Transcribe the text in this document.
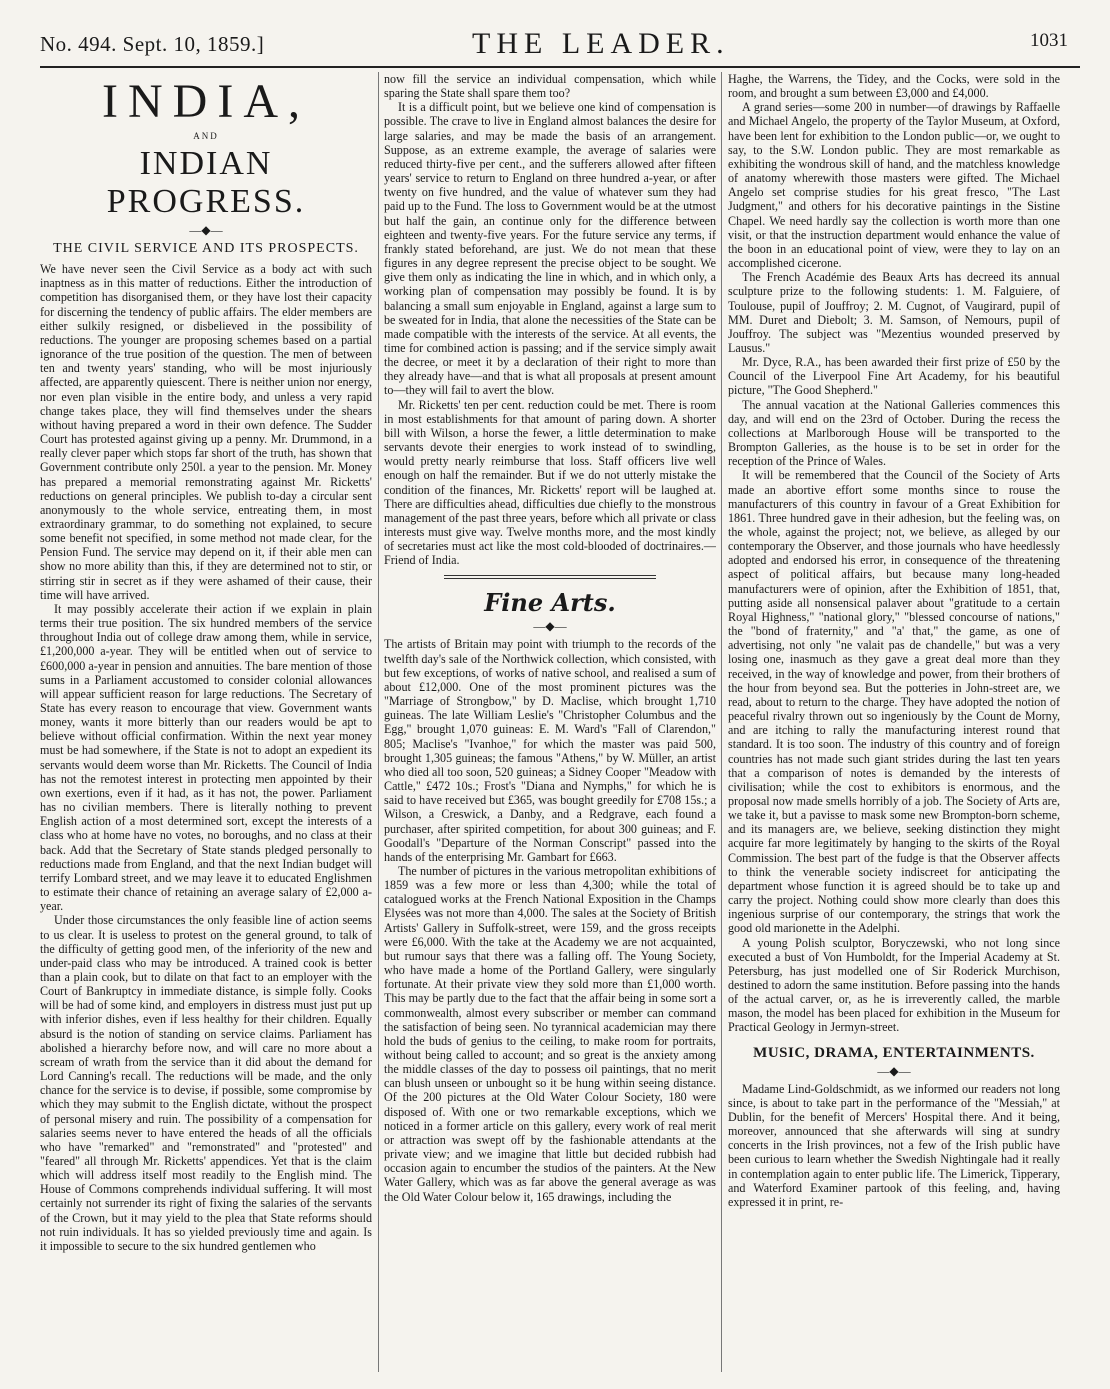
No. 494. Sept. 10, 1859.]	THE LEADER.	1031
INDIA,
AND
INDIAN PROGRESS.
—◆—
THE CIVIL SERVICE AND ITS PROSPECTS.

We have never seen the Civil Service as a body act with such inaptness as in this matter of reductions. Either the introduction of competition has disorganised them, or they have lost their capacity for discerning the tendency of public affairs. The elder members are either sulkily resigned, or disbelieved in the possibility of reductions. The younger are proposing schemes based on a partial ignorance of the true position of the question. The men of between ten and twenty years' standing, who will be most injuriously affected, are apparently quiescent. There is neither union nor energy, nor even plan visible in the entire body, and unless a very rapid change takes place, they will find themselves under the shears without having prepared a word in their own defence. The Sudder Court has protested against giving up a penny. Mr. Drummond, in a really clever paper which stops far short of the truth, has shown that Government contribute only 250l. a year to the pension. Mr. Money has prepared a memorial remonstrating against Mr. Ricketts' reductions on general principles. We publish to-day a circular sent anonymously to the whole service, entreating them, in most extraordinary grammar, to do something not explained, to secure some benefit not specified, in some method not made clear, for the Pension Fund. The service may depend on it, if their able men can show no more ability than this, if they are determined not to stir, or stirring stir in secret as if they were ashamed of their cause, their time will have arrived.

It may possibly accelerate their action if we explain in plain terms their true position. The six hundred members of the service throughout India out of college draw among them, while in service, £1,200,000 a-year. They will be entitled when out of service to £600,000 a-year in pension and annuities. The bare mention of those sums in a Parliament accustomed to consider colonial allowances will appear sufficient reason for large reductions. The Secretary of State has every reason to encourage that view. Government wants money, wants it more bitterly than our readers would be apt to believe without official confirmation. Within the next year money must be had somewhere, if the State is not to adopt an expedient its servants would deem worse than Mr. Ricketts. The Council of India has not the remotest interest in protecting men appointed by their own exertions, even if it had, as it has not, the power. Parliament has no civilian members. There is literally nothing to prevent English action of a most determined sort, except the interests of a class who at home have no votes, no boroughs, and no class at their back. Add that the Secretary of State stands pledged personally to reductions made from England, and that the next Indian budget will terrify Lombard street, and we may leave it to educated Englishmen to estimate their chance of retaining an average salary of £2,000 a-year.

Under those circumstances the only feasible line of action seems to us clear. It is useless to protest on the general ground, to talk of the difficulty of getting good men, of the inferiority of the new and under-paid class who may be introduced. A trained cook is better than a plain cook, but to dilate on that fact to an employer with the Court of Bankruptcy in immediate distance, is simple folly. Cooks will be had of some kind, and employers in distress must just put up with inferior dishes, even if less healthy for their children. Equally absurd is the notion of standing on service claims. Parliament has abolished a hierarchy before now, and will care no more about a scream of wrath from the service than it did about the demand for Lord Canning's recall. The reductions will be made, and the only chance for the service is to devise, if possible, some compromise by which they may submit to the English dictate, without the prospect of personal misery and ruin. The possibility of a compensation for salaries seems never to have entered the heads of all the officials who have "remarked" and "remonstrated" and "protested" and "feared" all through Mr. Ricketts' appendices. Yet that is the claim which will address itself most readily to the English mind. The House of Commons comprehends individual suffering. It will most certainly not surrender its right of fixing the salaries of the servants of the Crown, but it may yield to the plea that State reforms should not ruin individuals. It has so yielded previously time and again. Is it impossible to secure to the six hundred gentlemen who

now fill the service an individual compensation, which while sparing the State shall spare them too?

It is a difficult point, but we believe one kind of compensation is possible. The crave to live in England almost balances the desire for large salaries, and may be made the basis of an arrangement. Suppose, as an extreme example, the average of salaries were reduced thirty-five per cent., and the sufferers allowed after fifteen years' service to return to England on three hundred a-year, or after twenty on five hundred, and the value of whatever sum they had paid up to the Fund. The loss to Government would be at the utmost but half the gain, an continue only for the difference between eighteen and twenty-five years. For the future service any terms, if frankly stated beforehand, are just. We do not mean that these figures in any degree represent the precise object to be sought. We give them only as indicating the line in which, and in which only, a working plan of compensation may possibly be found. It is by balancing a small sum enjoyable in England, against a large sum to be sweated for in India, that alone the necessities of the State can be made compatible with the interests of the service. At all events, the time for combined action is passing; and if the service simply await the decree, or meet it by a declaration of their right to more than they already have—and that is what all proposals at present amount to—they will fail to avert the blow.

Mr. Ricketts' ten per cent. reduction could be met. There is room in most establishments for that amount of paring down. A shorter bill with Wilson, a horse the fewer, a little determination to make servants devote their energies to work instead of to swindling, would pretty nearly reimburse that loss. Staff officers live well enough on half the remainder. But if we do not utterly mistake the condition of the finances, Mr. Ricketts' report will be laughed at. There are difficulties ahead, difficulties due chiefly to the monstrous management of the past three years, before which all private or class interests must give way. Twelve months more, and the most kindly of secretaries must act like the most cold-blooded of doctrinaires.—Friend of India.

Fine Arts.
—◆—

The artists of Britain may point with triumph to the records of the twelfth day's sale of the Northwick collection, which consisted, with but few exceptions, of works of native school, and realised a sum of about £12,000. One of the most prominent pictures was the "Marriage of Strongbow," by D. Maclise, which brought 1,710 guineas. The late William Leslie's "Christopher Columbus and the Egg," brought 1,070 guineas: E. M. Ward's "Fall of Clarendon," 805; Maclise's "Ivanhoe," for which the master was paid 500, brought 1,305 guineas; the famous "Athens," by W. Müller, an artist who died all too soon, 520 guineas; a Sidney Cooper "Meadow with Cattle," £472 10s.; Frost's "Diana and Nymphs," for which he is said to have received but £365, was bought greedily for £708 15s.; a Wilson, a Creswick, a Danby, and a Redgrave, each found a purchaser, after spirited competition, for about 300 guineas; and F. Goodall's "Departure of the Norman Conscript" passed into the hands of the enterprising Mr. Gambart for £663.

The number of pictures in the various metropolitan exhibitions of 1859 was a few more or less than 4,300; while the total of catalogued works at the French National Exposition in the Champs Elysées was not more than 4,000. The sales at the Society of British Artists' Gallery in Suffolk-street, were 159, and the gross receipts were £6,000. With the take at the Academy we are not acquainted, but rumour says that there was a falling off. The Young Society, who have made a home of the Portland Gallery, were singularly fortunate. At their private view they sold more than £1,000 worth. This may be partly due to the fact that the affair being in some sort a commonwealth, almost every subscriber or member can command the satisfaction of being seen. No tyrannical academician may there hold the buds of genius to the ceiling, to make room for portraits, without being called to account; and so great is the anxiety among the middle classes of the day to possess oil paintings, that no merit can blush unseen or unbought so it be hung within seeing distance. Of the 200 pictures at the Old Water Colour Society, 180 were disposed of. With one or two remarkable exceptions, which we noticed in a former article on this gallery, every work of real merit or attraction was swept off by the fashionable attendants at the private view; and we imagine that little but decided rubbish had occasion again to encumber the studios of the painters. At the New Water Gallery, which was as far above the general average as was the Old Water Colour below it, 165 drawings, including the

Haghe, the Warrens, the Tidey, and the Cocks, were sold in the room, and brought a sum between £3,000 and £4,000.

A grand series—some 200 in number—of drawings by Raffaelle and Michael Angelo, the property of the Taylor Museum, at Oxford, have been lent for exhibition to the London public—or, we ought to say, to the S.W. London public. They are most remarkable as exhibiting the wondrous skill of hand, and the matchless knowledge of anatomy wherewith those masters were gifted. The Michael Angelo set comprise studies for his great fresco, "The Last Judgment," and others for his decorative paintings in the Sistine Chapel. We need hardly say the collection is worth more than one visit, or that the instruction department would enhance the value of the boon in an educational point of view, were they to lay on an accomplished cicerone.

The French Académie des Beaux Arts has decreed its annual sculpture prize to the following students: 1. M. Falguiere, of Toulouse, pupil of Jouffroy; 2. M. Cugnot, of Vaugirard, pupil of MM. Duret and Diebolt; 3. M. Samson, of Nemours, pupil of Jouffroy. The subject was "Mezentius wounded preserved by Lausus."

Mr. Dyce, R.A., has been awarded their first prize of £50 by the Council of the Liverpool Fine Art Academy, for his beautiful picture, "The Good Shepherd."

The annual vacation at the National Galleries commences this day, and will end on the 23rd of October. During the recess the collections at Marlborough House will be transported to the Brompton Galleries, as the house is to be set in order for the reception of the Prince of Wales.

It will be remembered that the Council of the Society of Arts made an abortive effort some months since to rouse the manufacturers of this country in favour of a Great Exhibition for 1861. Three hundred gave in their adhesion, but the feeling was, on the whole, against the project; not, we believe, as alleged by our contemporary the Observer, and those journals who have heedlessly adopted and endorsed his error, in consequence of the threatening aspect of political affairs, but because many long-headed manufacturers were of opinion, after the Exhibition of 1851, that, putting aside all nonsensical palaver about "gratitude to a certain Royal Highness," "national glory," "blessed concourse of nations," the "bond of fraternity," and "a' that," the game, as one of advertising, not only "ne valait pas de chandelle," but was a very losing one, inasmuch as they gave a great deal more than they received, in the way of knowledge and power, from their brothers of the hour from beyond sea. But the potteries in John-street are, we read, about to return to the charge. They have adopted the notion of peaceful rivalry thrown out so ingeniously by the Count de Morny, and are itching to rally the manufacturing interest round that standard. It is too soon. The industry of this country and of foreign countries has not made such giant strides during the last ten years that a comparison of notes is demanded by the interests of civilisation; while the cost to exhibitors is enormous, and the proposal now made smells horribly of a job. The Society of Arts are, we take it, but a pavisse to mask some new Brompton-born scheme, and its managers are, we believe, seeking distinction they might acquire far more legitimately by hanging to the skirts of the Royal Commission. The best part of the fudge is that the Observer affects to think the venerable society indiscreet for anticipating the department whose function it is agreed should be to take up and carry the project. Nothing could show more clearly than does this ingenious surprise of our contemporary, the strings that work the good old marionette in the Adelphi.

A young Polish sculptor, Boryczewski, who not long since executed a bust of Von Humboldt, for the Imperial Academy at St. Petersburg, has just modelled one of Sir Roderick Murchison, destined to adorn the same institution. Before passing into the hands of the actual carver, or, as he is irreverently called, the marble mason, the model has been placed for exhibition in the Museum for Practical Geology in Jermyn-street.

MUSIC, DRAMA, ENTERTAINMENTS.
—◆—

Madame Lind-Goldschmidt, as we informed our readers not long since, is about to take part in the performance of the "Messiah," at Dublin, for the benefit of Mercers' Hospital there. And it being, moreover, announced that she afterwards will sing at sundry concerts in the Irish provinces, not a few of the Irish public have been curious to learn whether the Swedish Nightingale had it really in contemplation again to enter public life. The Limerick, Tipperary, and Waterford Examiner partook of this feeling, and, having expressed it in print, re-
